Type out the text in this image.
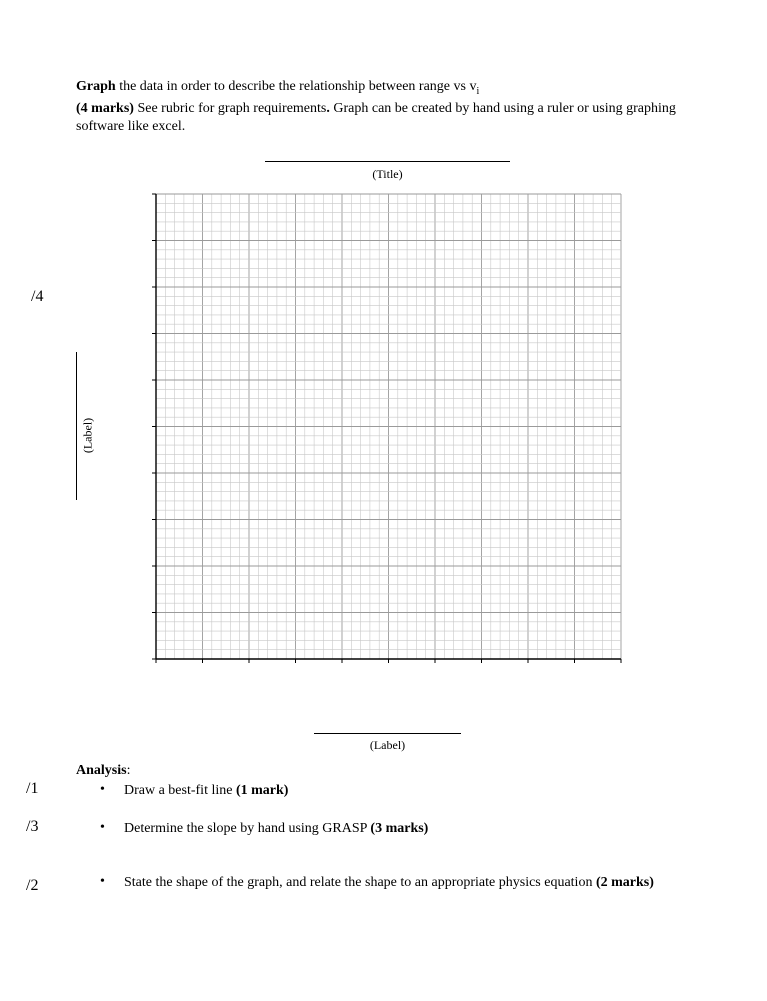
Graph the data in order to describe the relationship between range vs $v_i$
(4 marks) See rubric for graph requirements. Graph can be created by hand using a ruler or using graphing software like excel.
(Title)
/4
(Label)
(Label)
Analysis:
/1	• Draw a best-fit line (1 mark)
/3	• Determine the slope by hand using GRASP (3 marks)
/2	• State the shape of the graph, and relate the shape to an appropriate physics equation (2 marks)
